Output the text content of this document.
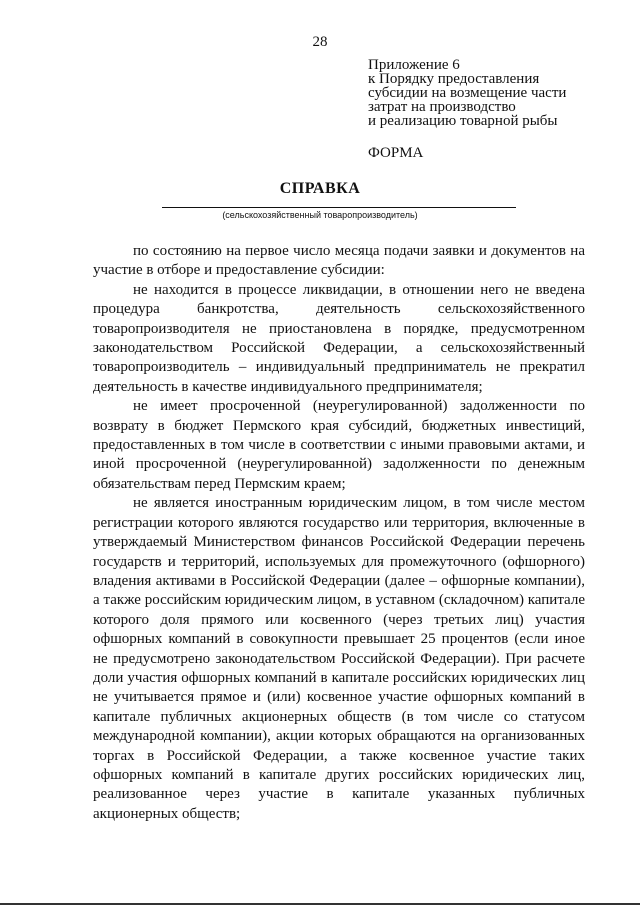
28
Приложение 6
к Порядку предоставления
субсидии на возмещение части
затрат на производство
и реализацию товарной рыбы
ФОРМА
СПРАВКА
(сельскохозяйственный товаропроизводитель)

по состоянию на первое число месяца подачи заявки и документов на участие в отборе и предоставление субсидии:

не находится в процессе ликвидации, в отношении него не введена процедура банкротства, деятельность сельскохозяйственного товаропроизводителя не приостановлена в порядке, предусмотренном законодательством Российской Федерации, а сельскохозяйственный товаропроизводитель – индивидуальный предприниматель не прекратил деятельность в качестве индивидуального предпринимателя;

не имеет просроченной (неурегулированной) задолженности по возврату в бюджет Пермского края субсидий, бюджетных инвестиций, предоставленных в том числе в соответствии с иными правовыми актами, и иной просроченной (неурегулированной) задолженности по денежным обязательствам перед Пермским краем;

не является иностранным юридическим лицом, в том числе местом регистрации которого являются государство или территория, включенные в утверждаемый Министерством финансов Российской Федерации перечень государств и территорий, используемых для промежуточного (офшорного) владения активами в Российской Федерации (далее – офшорные компании), а также российским юридическим лицом, в уставном (складочном) капитале которого доля прямого или косвенного (через третьих лиц) участия офшорных компаний в совокупности превышает 25 процентов (если иное не предусмотрено законодательством Российской Федерации). При расчете доли участия офшорных компаний в капитале российских юридических лиц не учитывается прямое и (или) косвенное участие офшорных компаний в капитале публичных акционерных обществ (в том числе со статусом международной компании), акции которых обращаются на организованных торгах в Российской Федерации, а также косвенное участие таких офшорных компаний в капитале других российских юридических лиц, реализованное через участие в капитале указанных публичных акционерных обществ;
